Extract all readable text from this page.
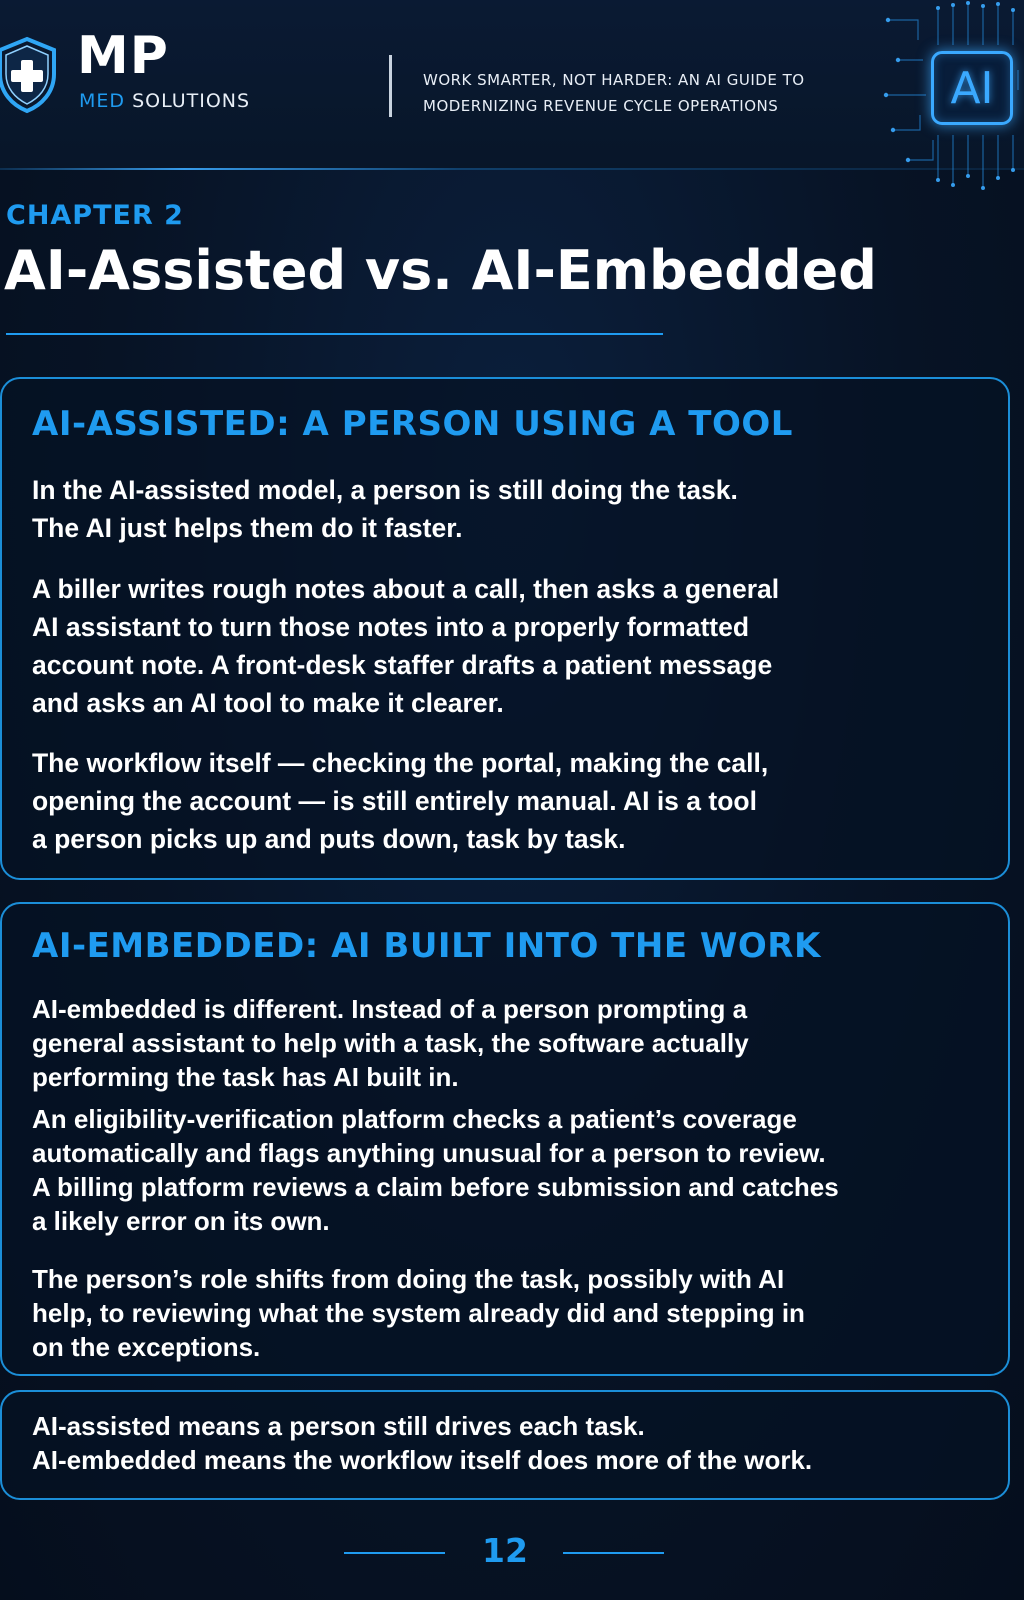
MP
MED SOLUTIONS
WORK SMARTER, NOT HARDER: AN AI GUIDE TO
MODERNIZING REVENUE CYCLE OPERATIONS	AI
CHAPTER 2
AI-Assisted vs. AI-Embedded
AI-ASSISTED: A PERSON USING A TOOL
In the AI-assisted model, a person is still doing the task.
The AI just helps them do it faster.
A biller writes rough notes about a call, then asks a general
AI assistant to turn those notes into a properly formatted
account note. A front-desk staffer drafts a patient message
and asks an AI tool to make it clearer.
The workflow itself — checking the portal, making the call,
opening the account — is still entirely manual. AI is a tool
a person picks up and puts down, task by task.
AI-EMBEDDED: AI BUILT INTO THE WORK
AI-embedded is different. Instead of a person prompting a
general assistant to help with a task, the software actually
performing the task has AI built in.
An eligibility-verification platform checks a patient’s coverage
automatically and flags anything unusual for a person to review.
A billing platform reviews a claim before submission and catches
a likely error on its own.
The person’s role shifts from doing the task, possibly with AI
help, to reviewing what the system already did and stepping in
on the exceptions.
AI-assisted means a person still drives each task.
AI-embedded means the workflow itself does more of the work.
12
